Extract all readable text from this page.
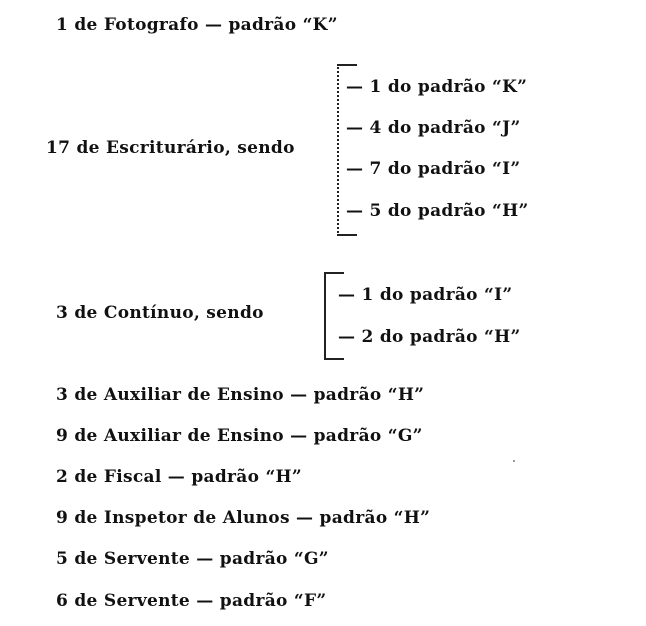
1 de Fotografo — padrão “K”
17 de Escriturário, sendo
— 1 do padrão “K”
— 4 do padrão “J”
— 7 do padrão “I”
— 5 do padrão “H”
3 de Contínuo, sendo
— 1 do padrão “I”
— 2 do padrão “H”
3 de Auxiliar de Ensino — padrão “H”
9 de Auxiliar de Ensino — padrão “G”
2 de Fiscal — padrão “H”
9 de Inspetor de Alunos — padrão “H”
5 de Servente — padrão “G”
6 de Servente — padrão “F”
